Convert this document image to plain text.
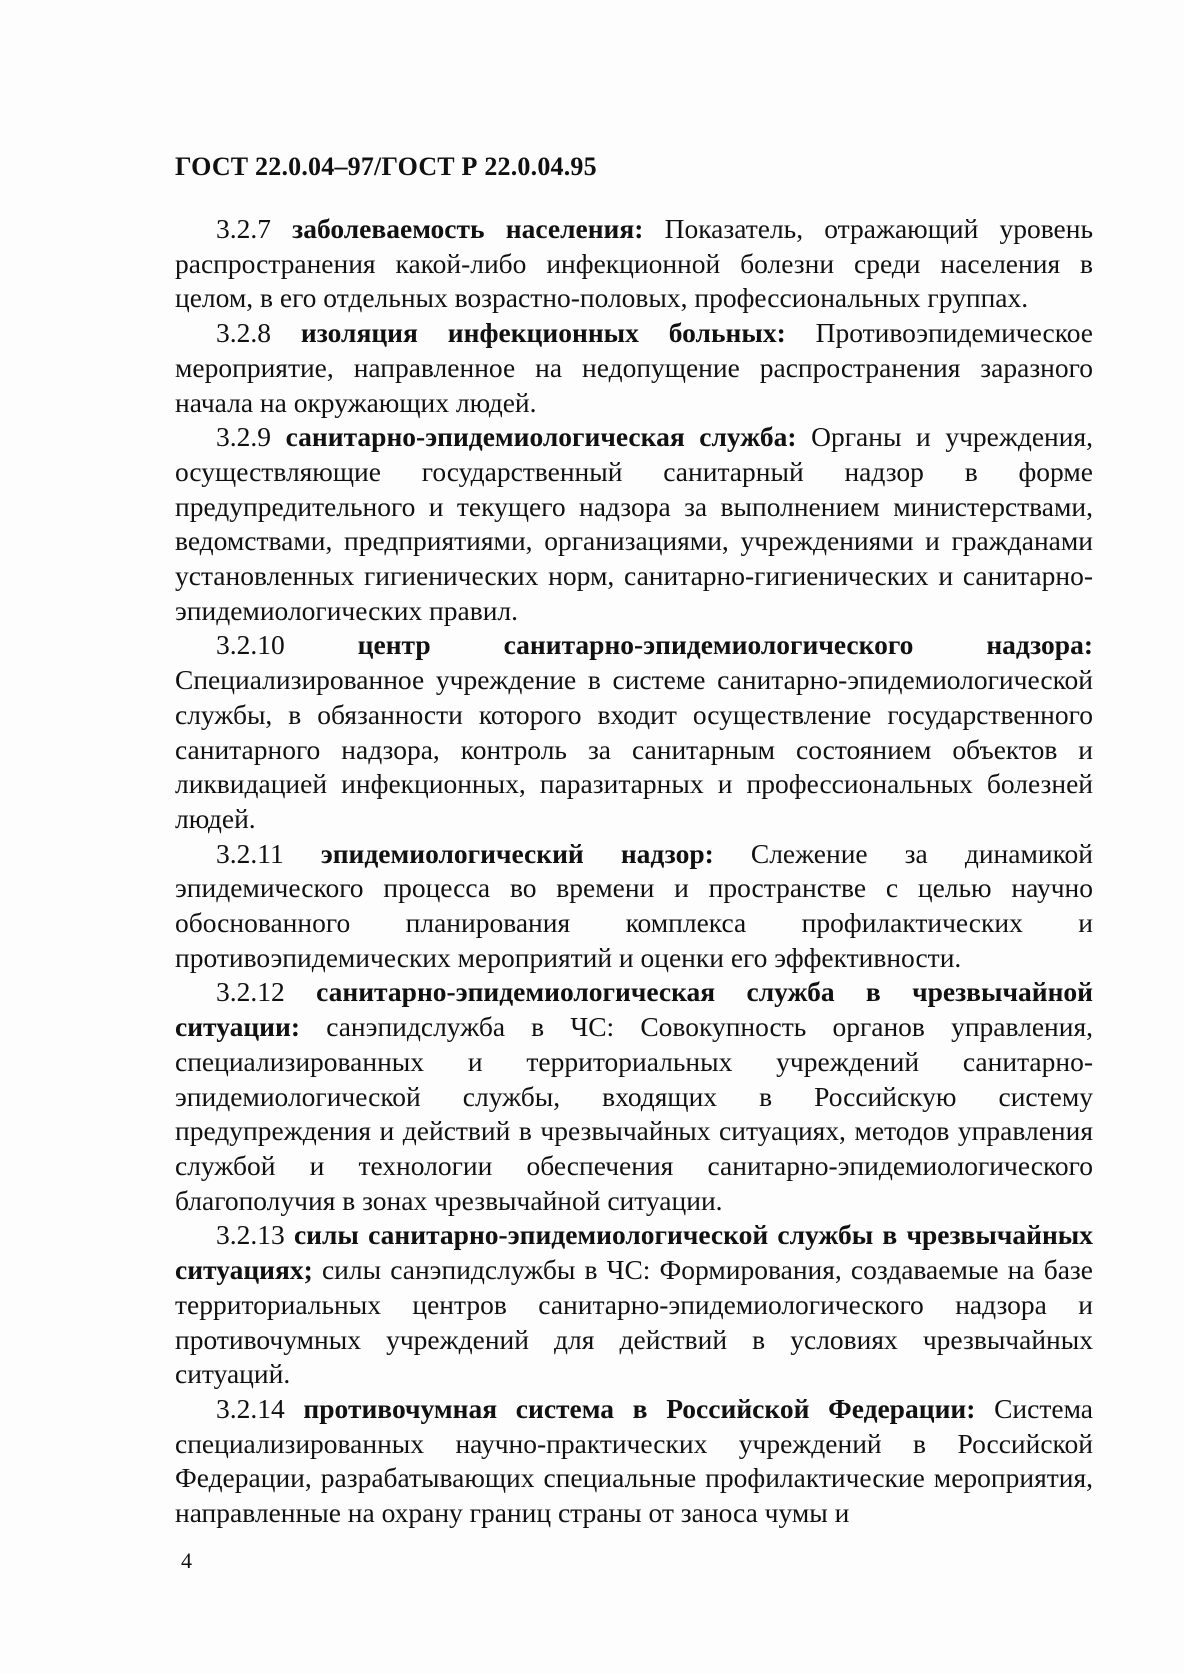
ГОСТ 22.0.04–97/ГОСТ Р 22.0.04.95

3.2.7 заболеваемость населения: Показатель, отражающий уровень распространения какой-либо инфекционной болезни среди населения в целом, в его отдельных возрастно-половых, профессиональных группах.

3.2.8 изоляция инфекционных больных: Противоэпидемическое мероприятие, направленное на недопущение распространения заразного начала на окружающих людей.

3.2.9 санитарно-эпидемиологическая служба: Органы и учреждения, осуществляющие государственный санитарный надзор в форме предупредительного и текущего надзора за выполнением министерствами, ведомствами, предприятиями, организациями, учреждениями и гражданами установленных гигиенических норм, санитарно-гигиенических и санитарно-эпидемиологических правил.

3.2.10	центр санитарно-эпидемиологического надзора: Специализированное учреждение в системе санитарно-эпидемиологической службы, в обязанности которого входит осуществление государственного санитарного надзора, контроль за санитарным состоянием объектов и ликвидацией инфекционных, паразитарных и профессиональных болезней людей.

3.2.11 эпидемиологический надзор: Слежение за динамикой эпидемического процесса во времени и пространстве с целью научно обоснованного планирования комплекса профилактических и противоэпидемических мероприятий и оценки его эффективности.

3.2.12 санитарно-эпидемиологическая служба в чрезвычайной ситуации: санэпидслужба в ЧС: Совокупность органов управления, специализированных и территориальных учреждений санитарно-эпидемиологической службы, входящих в Российскую систему предупреждения и действий в чрезвычайных ситуациях, методов управления службой и технологии обеспечения санитарно-эпидемиологического благополучия в зонах чрезвычайной ситуации.

3.2.13 силы санитарно-эпидемиологической службы в чрезвычайных ситуациях; силы санэпидслужбы в ЧС: Формирования, создаваемые на базе территориальных центров санитарно-эпидемиологического надзора и противочумных учреждений для действий в условиях чрезвычайных ситуаций.

3.2.14 противочумная система в Российской Федерации: Система специализированных научно-практических учреждений в Российской Федерации, разрабатывающих специальные профилактические мероприятия, направленные на охрану границ страны от заноса чумы и

4
